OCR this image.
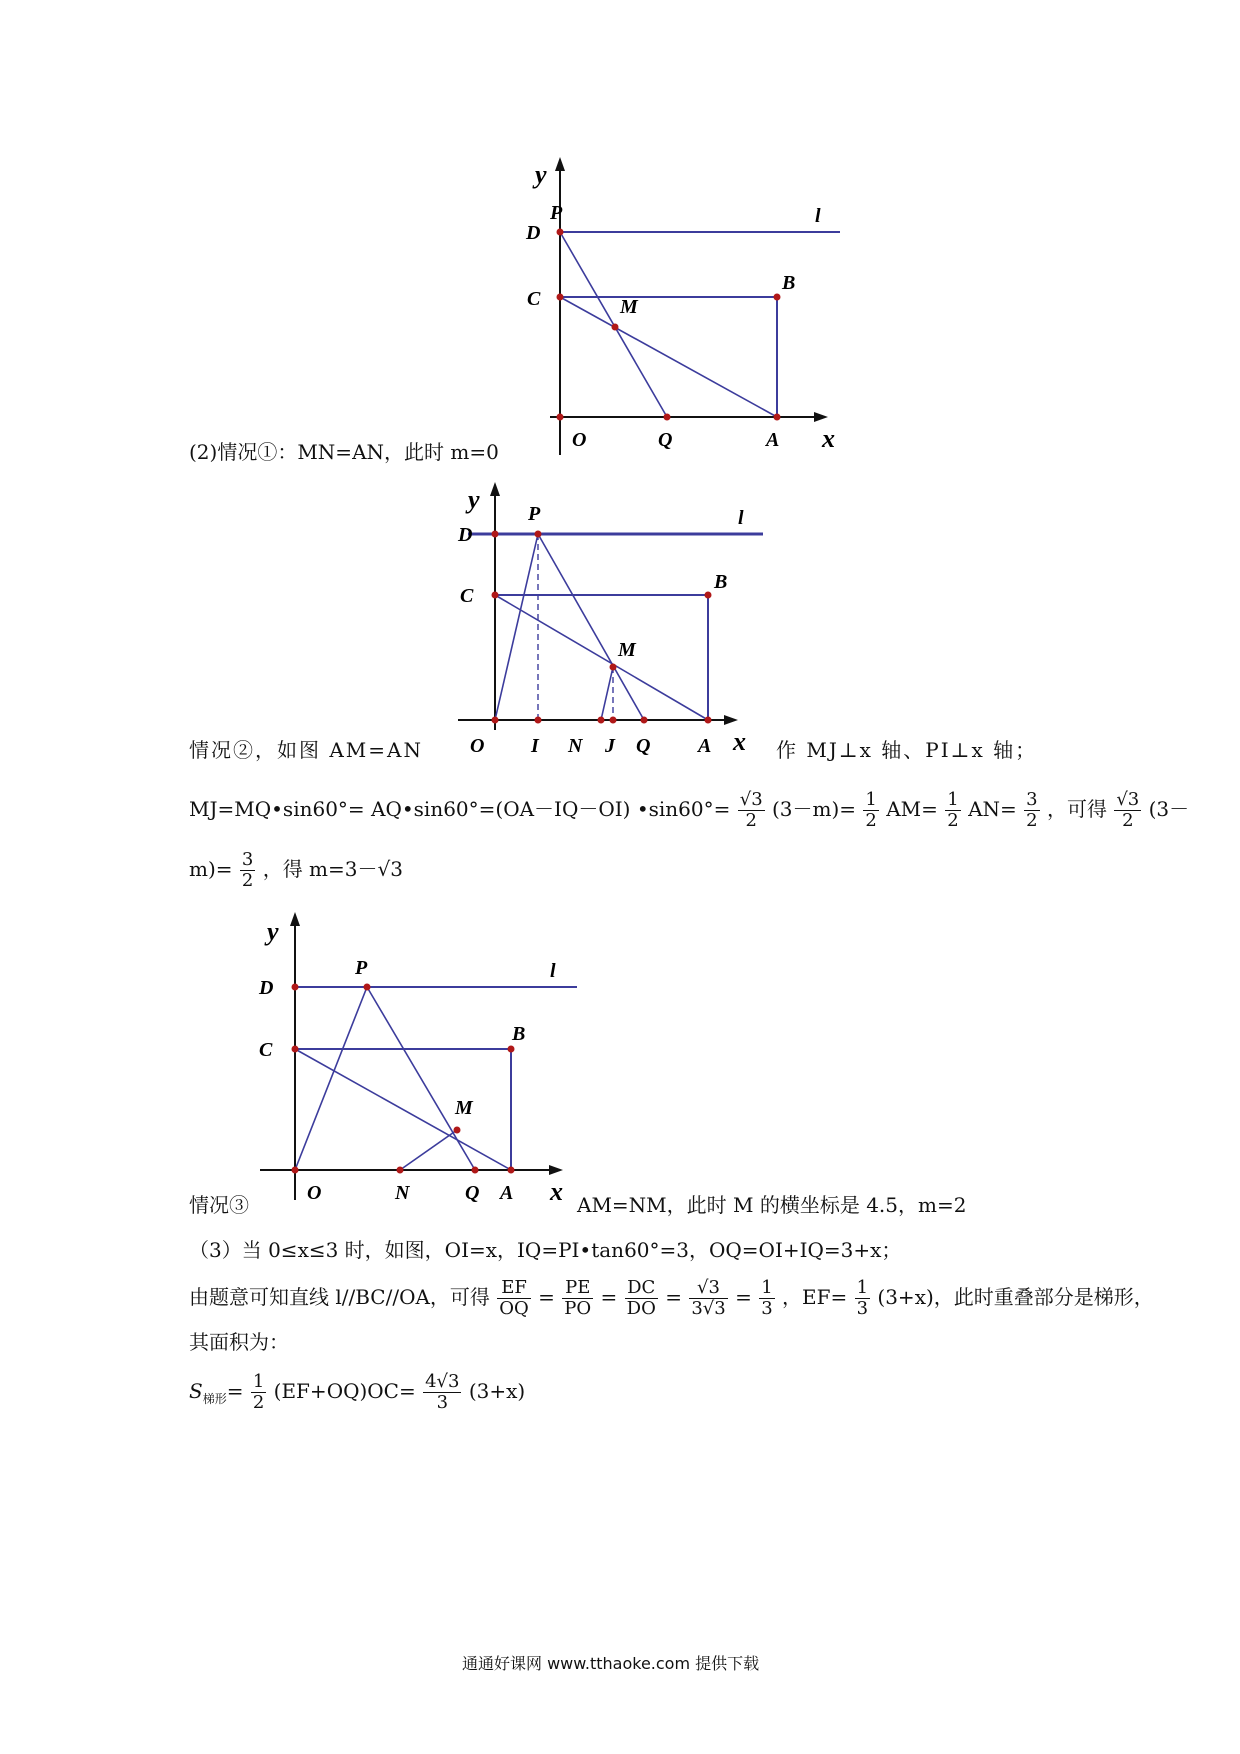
y
x
P
D
C	M
B
O	Q	A
l
(2)情况①：MN=AN，此时 m=0
y
x
D
P
C
B
M
O I N J Q A
l
情况②，如图 AM=AN	作 MJ⊥x 轴、PI⊥x 轴；
MJ=MQ•sin60°= AQ•sin60°=(OA－IQ－OI) •sin60°= $\frac{√3}{2} (3-m)= \frac{1}{2} AM= \frac{1}{2} AN= \frac{3}{2}$ ，可得 $\frac{√3}{2} (3-$
$m)= \frac{3}{2}$ ，得 m=3－√3
y
x
P
D
C
B
M
O	N	Q A
l
情况③	AM=NM，此时 M 的横坐标是 4.5，m=2
（3）当 0≤x≤3 时，如图，OI=x，IQ=PI•tan60°=3，OQ=OI+IQ=3+x；
由题意可知直线 l//BC//OA，可得 $\frac{EF}{OQ} = \frac{PE}{PO} = \frac{DC}{DO} = \frac{√3}{3√3} = \frac{1}{3}$ ，$EF= \frac{1}{3} (3+x)$，此时重叠部分是梯形，
其面积为：
$S_{梯形}= \frac{1}{2} (EF+OQ)OC= \frac{4√3}{3} (3+x)$
通通好课网 www.tthaoke.com 提供下载
